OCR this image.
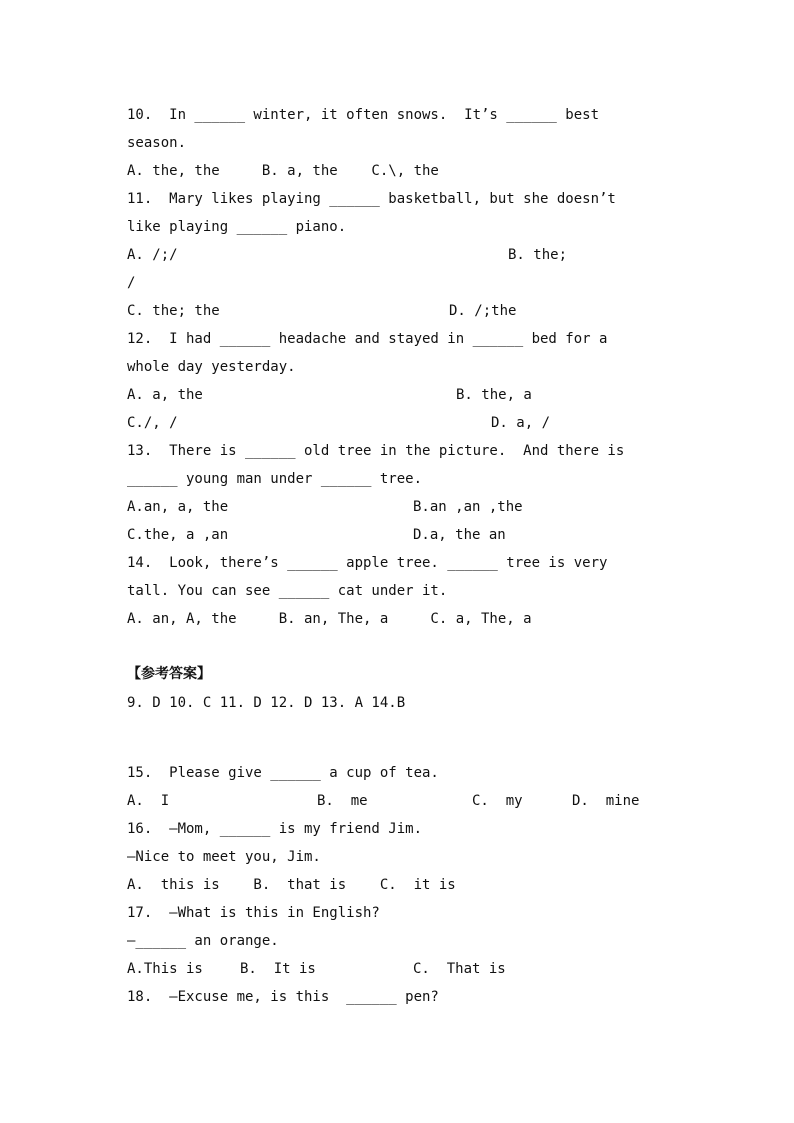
10.  In ______ winter, it often snows.  It’s ______ best
season.
A. the, the     B. a, the    C.\, the
11.  Mary likes playing ______ basketball, but she doesn’t
like playing ______ piano.
A. /;/	B. the;
/
C. the; the	D. /;the
12.  I had ______ headache and stayed in ______ bed for a
whole day yesterday.
A. a, the	B. the, a
C./, /	D. a, /
13.  There is ______ old tree in the picture.  And there is
______ young man under ______ tree.
A.an, a, the	B.an ,an ,the
C.the, a ,an	D.a, the an
14.  Look, there’s ______ apple tree. ______ tree is very
tall. You can see ______ cat under it.
A. an, A, the     B. an, The, a     C. a, The, a
【参考答案】
9. D 10. C 11. D 12. D 13. A 14.B
15.  Please give ______ a cup of tea.
A.  I	B.  me	C.  my	D.  mine
16.  –Mom, ______ is my friend Jim.
–Nice to meet you, Jim.
A.  this is    B.  that is    C.  it is
17.  –What is this in English?
–______ an orange.
A.This is	B.  It is	C.  That is
18.  –Excuse me, is this  ______ pen?
